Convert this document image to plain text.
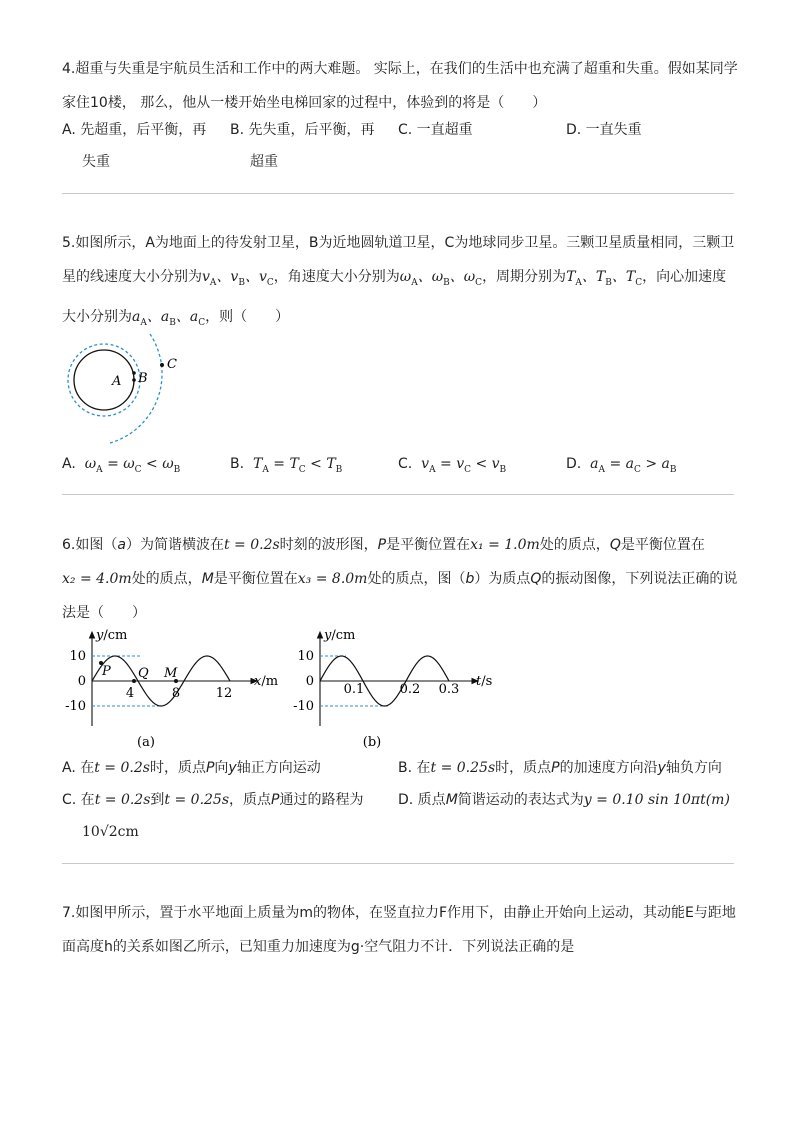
4.超重与失重是宇航员生活和工作中的两大难题。 实际上，在我们的生活中也充满了超重和失重。假如某同学

家住10楼， 那么，他从一楼开始坐电梯回家的过程中，体验到的将是（　　）

A. 先超重，后平衡，再
失重
B. 先失重，后平衡，再
超重
C. 一直超重	D. 一直失重

5.如图所示，A为地面上的待发射卫星，B为近地圆轨道卫星，C为地球同步卫星。三颗卫星质量相同，三颗卫

星的线速度大小分别为$v_A$、$v_B$、$v_C$，角速度大小分别为$\omega_A$、$\omega_B$、$\omega_C$，周期分别为$T_A$、$T_B$、$T_C$，向心加速度

大小分别为$a_A$、$a_B$、$a_C$，则（　　）

A B
C
A. $\omega_A = \omega_C < \omega_B$	B. $T_A = T_C < T_B$	C. $v_A = v_C < v_B$	D. $a_A = a_C > a_B$

6.如图（a）为简谐横波在t = 0.2s时刻的波形图，P是平衡位置在x₁ = 1.0m处的质点，Q是平衡位置在

x₂ = 4.0m处的质点，M是平衡位置在x₃ = 8.0m处的质点，图（b）为质点Q的振动图像，下列说法正确的说

法是（　　）

y/cm
x/m
10
0
-10
P Q M
4	8	12
(a)
y/cm
t/s
10
0
-10
0.1	0.2 0.3
(b)
A. 在t = 0.2s时，质点P向y轴正方向运动	B. 在t = 0.25s时，质点P的加速度方向沿y轴负方向
C. 在t = 0.2s到t = 0.25s，质点P通过的路程为
10√2cm
D. 质点M简谐运动的表达式为y = 0.10 sin 10πt(m)

7.如图甲所示，置于水平地面上质量为m的物体，在竖直拉力F作用下，由静止开始向上运动，其动能E与距地

面高度h的关系如图乙所示，已知重力加速度为g·空气阻力不计．下列说法正确的是
